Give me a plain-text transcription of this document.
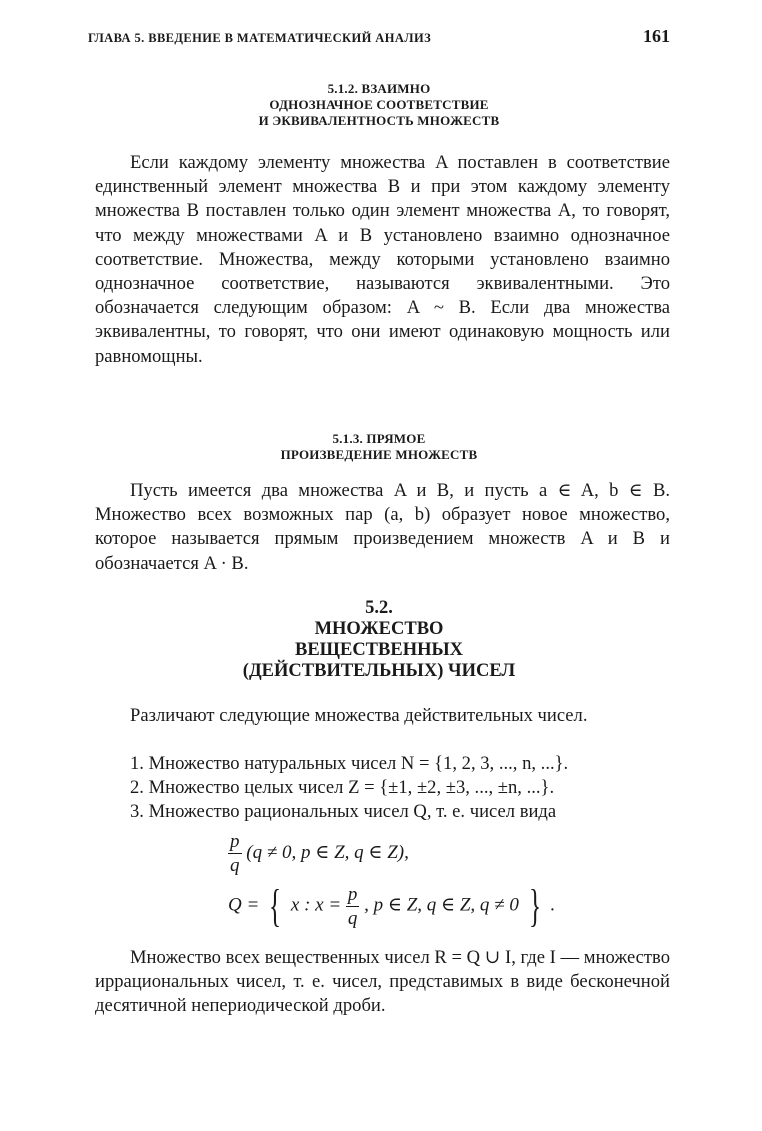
ГЛАВА 5. ВВЕДЕНИЕ В МАТЕМАТИЧЕСКИЙ АНАЛИЗ	161
5.1.2. ВЗАИМНО
ОДНОЗНАЧНОЕ СООТВЕТСТВИЕ
И ЭКВИВАЛЕНТНОСТЬ МНОЖЕСТВ

Если каждому элементу множества A поставлен в соответствие единственный элемент множества B и при этом каждому элементу множества B поставлен только один элемент множества A, то говорят, что между множествами A и B установлено взаимно однозначное соответствие. Множества, между которыми установлено взаимно однозначное соответствие, называются эквивалентными. Это обозначается следующим образом: A ~ B. Если два множества эквивалентны, то говорят, что они имеют одинаковую мощность или равномощны.

5.1.3. ПРЯМОЕ
ПРОИЗВЕДЕНИЕ МНОЖЕСТВ

Пусть имеется два множества A и B, и пусть a ∈ A, b ∈ B. Множество всех возможных пар (a, b) образует новое множество, которое называется прямым произведением множеств A и B и обозначается A · B.

5.2.
МНОЖЕСТВО
ВЕЩЕСТВЕННЫХ
(ДЕЙСТВИТЕЛЬНЫХ) ЧИСЕЛ

Различают следующие множества действительных чисел.

1. Множество натуральных чисел N = {1, 2, 3, ..., n, ...}.
2. Множество целых чисел Z = {±1, ±2, ±3, ..., ±n, ...}.
3. Множество рациональных чисел Q, т. е. чисел вида
$\frac{p}{q} (q \ne 0$, p ∈ Z, q ∈ Z),
Q = { x : $x = \frac{p}{q}$ , p ∈ Z, q ∈ Z, q ≠ 0 } .

Множество всех вещественных чисел R = Q ∪ I, где I — множество иррациональных чисел, т. е. чисел, представимых в виде бесконечной десятичной непериодической дроби.
